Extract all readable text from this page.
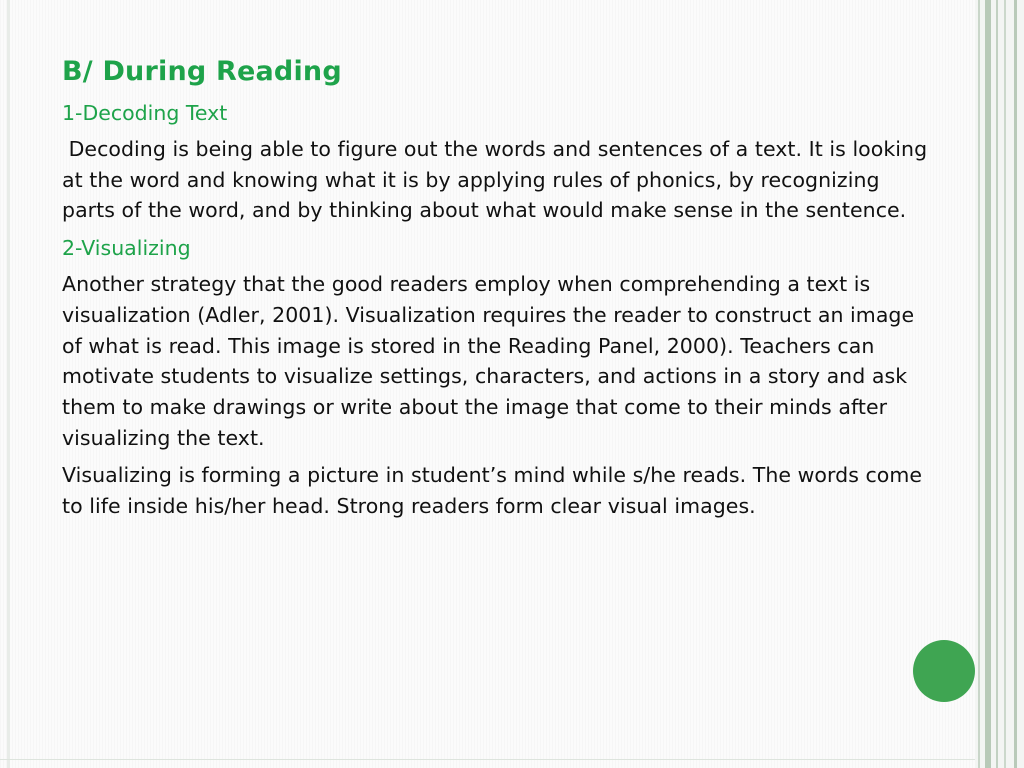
B/ During Reading
1-Decoding Text
Decoding is being able to figure out the words and sentences of a text. It is looking at the word and knowing what it is by applying rules of phonics, by recognizing parts of the word, and by thinking about what would make sense in the sentence.
2-Visualizing
Another strategy that the good readers employ when comprehending a text is visualization (Adler, 2001). Visualization requires the reader to construct an image of what is read. This image is stored in the Reading Panel, 2000). Teachers can motivate students to visualize settings, characters, and actions in a story and ask them to make drawings or write about the image that come to their minds after visualizing the text.
Visualizing is forming a picture in student’s mind while s/he reads. The words come to life inside his/her head. Strong readers form clear visual images.
